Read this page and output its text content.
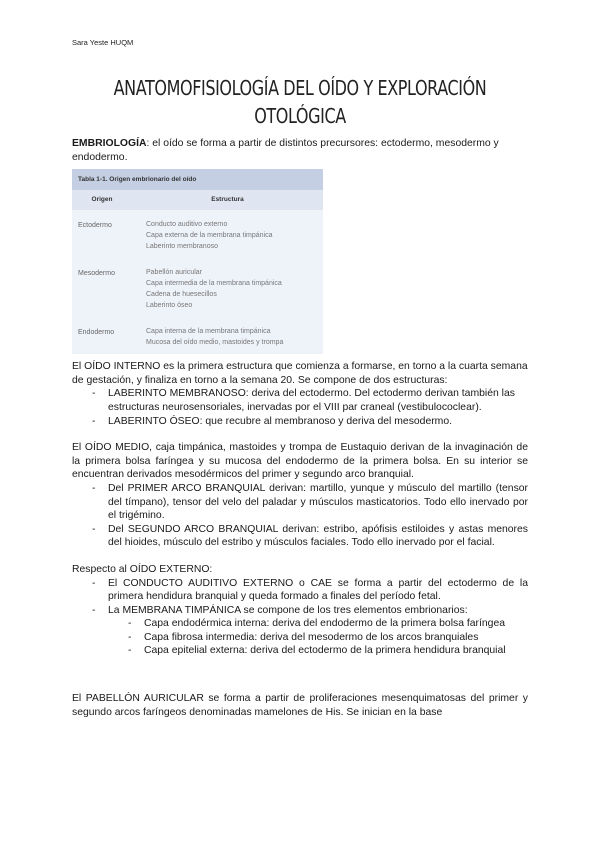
Sara Yeste HUQM
ANATOMOFISIOLOGÍA DEL OÍDO Y EXPLORACIÓN
OTOLÓGICA

EMBRIOLOGÍA: el oído se forma a partir de distintos precursores: ectodermo, mesodermo y endodermo.

Tabla 1-1. Origen embrionario del oído
Origen	Estructura
Ectodermo	Conducto auditivo externo
Capa externa de la membrana timpánica
Laberinto membranoso
Mesodermo	Pabellón auricular
Capa intermedia de la membrana timpánica
Cadena de huesecillos
Laberinto óseo
Endodermo	Capa interna de la membrana timpánica
Mucosa del oído medio, mastoides y trompa

El OÍDO INTERNO es la primera estructura que comienza a formarse, en torno a la cuarta semana de gestación, y finaliza en torno a la semana 20. Se compone de dos estructuras:

- LABERINTO MEMBRANOSO: deriva del ectodermo. Del ectodermo derivan también las estructuras neurosensoriales, inervadas por el VIII par craneal (vestibulococlear).
- LABERINTO ÓSEO: que recubre al membranoso y deriva del mesodermo.

El OÍDO MEDIO, caja timpánica, mastoides y trompa de Eustaquio derivan de la invaginación de la primera bolsa faríngea y su mucosa del endodermo de la primera bolsa. En su interior se encuentran derivados mesodérmicos del primer y segundo arco branquial.

- Del PRIMER ARCO BRANQUIAL derivan: martillo, yunque y músculo del martillo (tensor del tímpano), tensor del velo del paladar y músculos masticatorios. Todo ello inervado por el trigémino.
- Del SEGUNDO ARCO BRANQUIAL derivan: estribo, apófisis estiloides y astas menores del hioides, músculo del estribo y músculos faciales. Todo ello inervado por el facial.

Respecto al OÍDO EXTERNO:

- El CONDUCTO AUDITIVO EXTERNO o CAE se forma a partir del ectodermo de la primera hendidura branquial y queda formado a finales del período fetal.
- La MEMBRANA TIMPÁNICA se compone de los tres elementos embrionarios:
- Capa endodérmica interna: deriva del endodermo de la primera bolsa faríngea
- Capa fibrosa intermedia: deriva del mesodermo de los arcos branquiales
- Capa epitelial externa: deriva del ectodermo de la primera hendidura branquial

El PABELLÓN AURICULAR se forma a partir de proliferaciones mesenquimatosas del primer y segundo arcos faríngeos denominadas mamelones de His. Se inician en la base
